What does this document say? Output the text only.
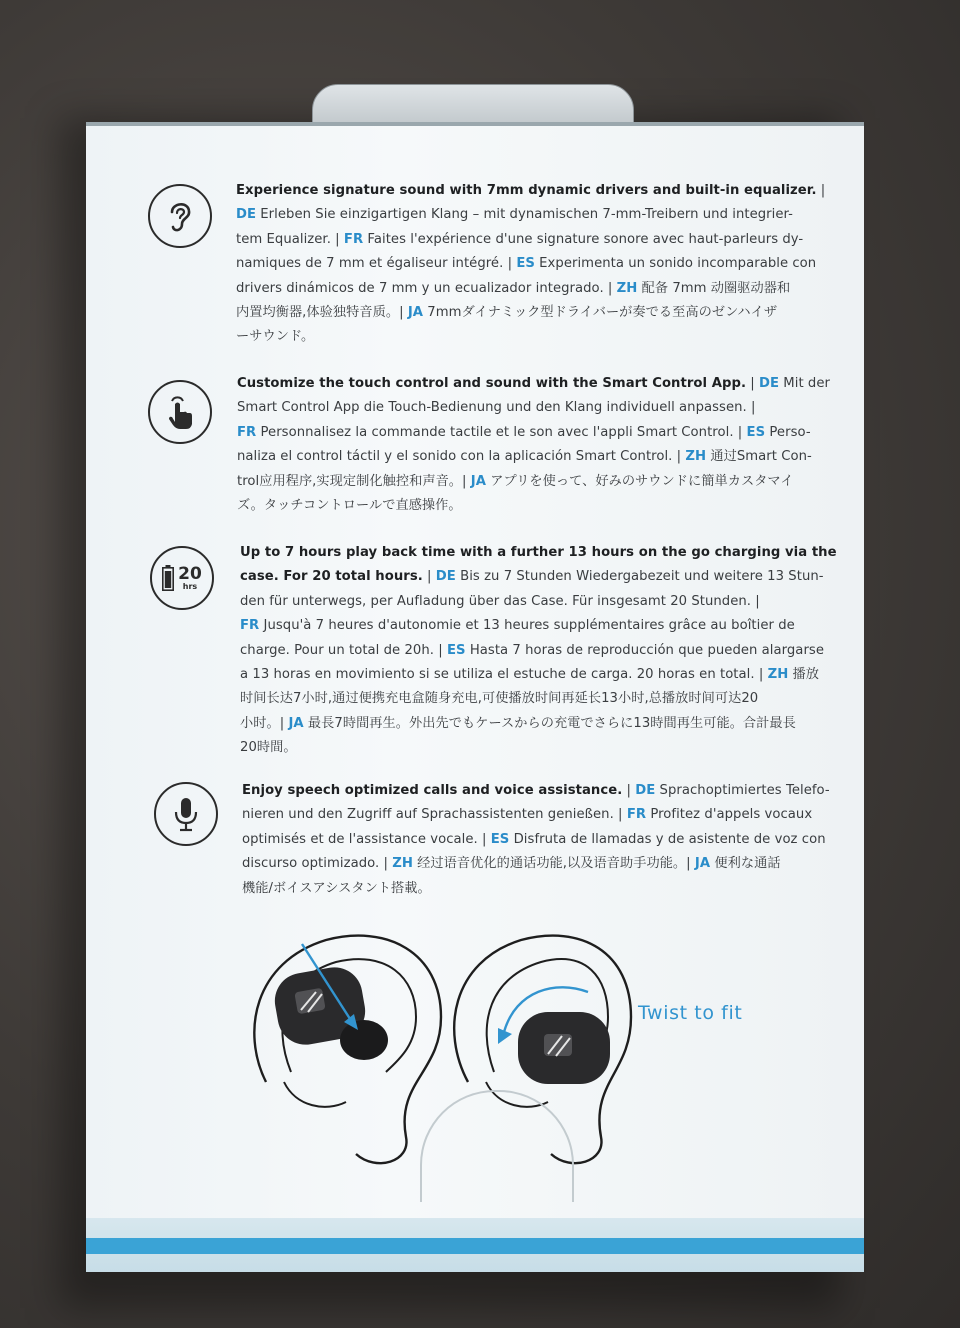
Experience signature sound with 7mm dynamic drivers and built-in equalizer. |
DE Erleben Sie einzigartigen Klang – mit dynamischen 7-mm-Treibern und integrier-
tem Equalizer. | FR Faites l'expérience d'une signature sonore avec haut-parleurs dy-
namiques de 7 mm et égaliseur intégré. | ES Experimenta un sonido incomparable con
drivers dinámicos de 7 mm y un ecualizador integrado. | ZH 配备 7mm 动圈驱动器和
内置均衡器,体验独特音质。| JA 7mmダイナミック型ドライバーが奏でる至高のゼンハイザ
ーサウンド。
Customize the touch control and sound with the Smart Control App. | DE Mit der
Smart Control App die Touch-Bedienung und den Klang individuell anpassen. |
FR Personnalisez la commande tactile et le son avec l'appli Smart Control. | ES Perso-
naliza el control táctil y el sonido con la aplicación Smart Control. | ZH 通过Smart Con-
trol应用程序,实现定制化触控和声音。| JA アプリを使って、好みのサウンドに簡単カスタマイ
ズ。タッチコントロールで直感操作。
20
hrs
Up to 7 hours play back time with a further 13 hours on the go charging via the
case. For 20 total hours. | DE Bis zu 7 Stunden Wiedergabezeit und weitere 13 Stun-
den für unterwegs, per Aufladung über das Case. Für insgesamt 20 Stunden. |
FR Jusqu'à 7 heures d'autonomie et 13 heures supplémentaires grâce au boîtier de
charge. Pour un total de 20h. | ES Hasta 7 horas de reproducción que pueden alargarse
a 13 horas en movimiento si se utiliza el estuche de carga. 20 horas en total. | ZH 播放
时间长达7小时,通过便携充电盒随身充电,可使播放时间再延长13小时,总播放时间可达20
小时。| JA 最長7時間再生。外出先でもケースからの充電でさらに13時間再生可能。合計最長
20時間。
Enjoy speech optimized calls and voice assistance. | DE Sprachoptimiertes Telefo-
nieren und den Zugriff auf Sprachassistenten genießen. | FR Profitez d'appels vocaux
optimisés et de l'assistance vocale. | ES Disfruta de llamadas y de asistente de voz con
discurso optimizado. | ZH 经过语音优化的通话功能,以及语音助手功能。| JA 便利な通話
機能/ボイスアシスタント搭載。
Twist to fit
